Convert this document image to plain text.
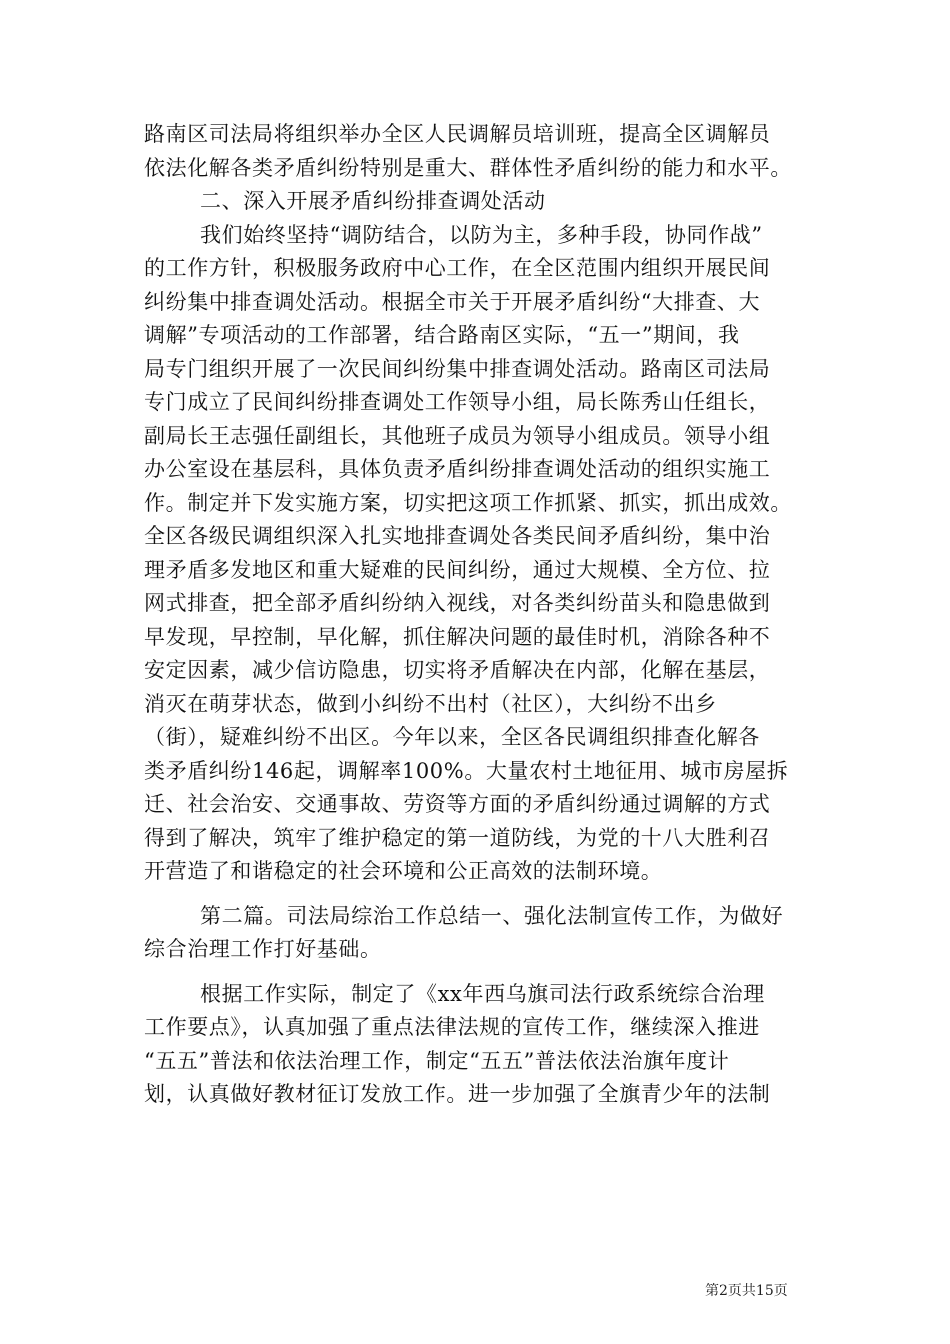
路南区司法局将组织举办全区人民调解员培训班，提高全区调解员
依法化解各类矛盾纠纷特别是重大、群体性矛盾纠纷的能力和水平。
二、深入开展矛盾纠纷排查调处活动
我们始终坚持“调防结合，以防为主，多种手段，协同作战”
的工作方针，积极服务政府中心工作，在全区范围内组织开展民间
纠纷集中排查调处活动。根据全市关于开展矛盾纠纷“大排查、大
调解”专项活动的工作部署，结合路南区实际，“五一”期间，我
局专门组织开展了一次民间纠纷集中排查调处活动。路南区司法局
专门成立了民间纠纷排查调处工作领导小组，局长陈秀山任组长，
副局长王志强任副组长，其他班子成员为领导小组成员。领导小组
办公室设在基层科，具体负责矛盾纠纷排查调处活动的组织实施工
作。制定并下发实施方案，切实把这项工作抓紧、抓实，抓出成效。
全区各级民调组织深入扎实地排查调处各类民间矛盾纠纷，集中治
理矛盾多发地区和重大疑难的民间纠纷，通过大规模、全方位、拉
网式排查，把全部矛盾纠纷纳入视线，对各类纠纷苗头和隐患做到
早发现，早控制，早化解，抓住解决问题的最佳时机，消除各种不
安定因素，减少信访隐患，切实将矛盾解决在内部，化解在基层，
消灭在萌芽状态，做到小纠纷不出村（社区），大纠纷不出乡
（街），疑难纠纷不出区。今年以来，全区各民调组织排查化解各
类矛盾纠纷146起，调解率100%。大量农村土地征用、城市房屋拆
迁、社会治安、交通事故、劳资等方面的矛盾纠纷通过调解的方式
得到了解决，筑牢了维护稳定的第一道防线，为党的十八大胜利召
开营造了和谐稳定的社会环境和公正高效的法制环境。
第二篇。司法局综治工作总结一、强化法制宣传工作，为做好
综合治理工作打好基础。
根据工作实际，制定了《xx年西乌旗司法行政系统综合治理
工作要点》，认真加强了重点法律法规的宣传工作，继续深入推进
“五五”普法和依法治理工作，制定“五五”普法依法治旗年度计
划，认真做好教材征订发放工作。进一步加强了全旗青少年的法制
第2页共15页
